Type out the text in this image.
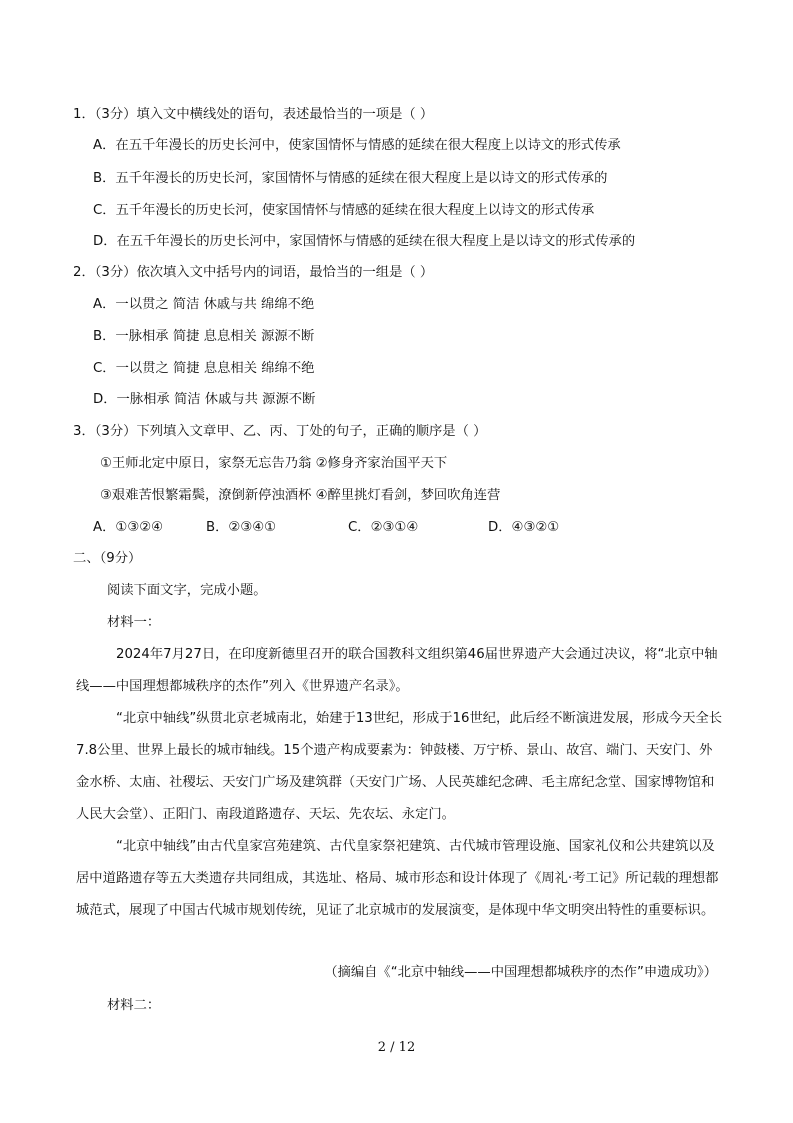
1．（3分）填入文中横线处的语句，表述最恰当的一项是（ ）
A．在五千年漫长的历史长河中，使家国情怀与情感的延续在很大程度上以诗文的形式传承
B．五千年漫长的历史长河，家国情怀与情感的延续在很大程度上是以诗文的形式传承的
C．五千年漫长的历史长河，使家国情怀与情感的延续在很大程度上以诗文的形式传承
D．在五千年漫长的历史长河中，家国情怀与情感的延续在很大程度上是以诗文的形式传承的
2．（3分）依次填入文中括号内的词语，最恰当的一组是（ ）
A．一以贯之 简洁 休戚与共 绵绵不绝
B．一脉相承 简捷 息息相关 源源不断
C．一以贯之 简捷 息息相关 绵绵不绝
D．一脉相承 简洁 休戚与共 源源不断
3．（3分）下列填入文章甲、乙、丙、丁处的句子，正确的顺序是（ ）
①王师北定中原日，家祭无忘告乃翁 ②修身齐家治国平天下
③艰难苦恨繁霜鬓，潦倒新停浊酒杯 ④醉里挑灯看剑，梦回吹角连营
A．①③②④	B．②③④①	C．②③①④	D．④③②①
二、（9分）
阅读下面文字，完成小题。
材料一：
2024年7月27日，在印度新德里召开的联合国教科文组织第46届世界遗产大会通过决议，将“北京中轴线——中国理想都城秩序的杰作”列入《世界遗产名录》。
“北京中轴线”纵贯北京老城南北，始建于13世纪，形成于16世纪，此后经不断演进发展，形成今天全长7.8公里、世界上最长的城市轴线。15个遗产构成要素为：钟鼓楼、万宁桥、景山、故宫、端门、天安门、外金水桥、太庙、社稷坛、天安门广场及建筑群（天安门广场、人民英雄纪念碑、毛主席纪念堂、国家博物馆和人民大会堂）、正阳门、南段道路遗存、天坛、先农坛、永定门。
“北京中轴线”由古代皇家宫苑建筑、古代皇家祭祀建筑、古代城市管理设施、国家礼仪和公共建筑以及居中道路遗存等五大类遗存共同组成，其选址、格局、城市形态和设计体现了《周礼·考工记》所记载的理想都城范式，展现了中国古代城市规划传统，见证了北京城市的发展演变，是体现中华文明突出特性的重要标识。
（摘编自《“北京中轴线——中国理想都城秩序的杰作”申遗成功》）
材料二：
2 / 12
